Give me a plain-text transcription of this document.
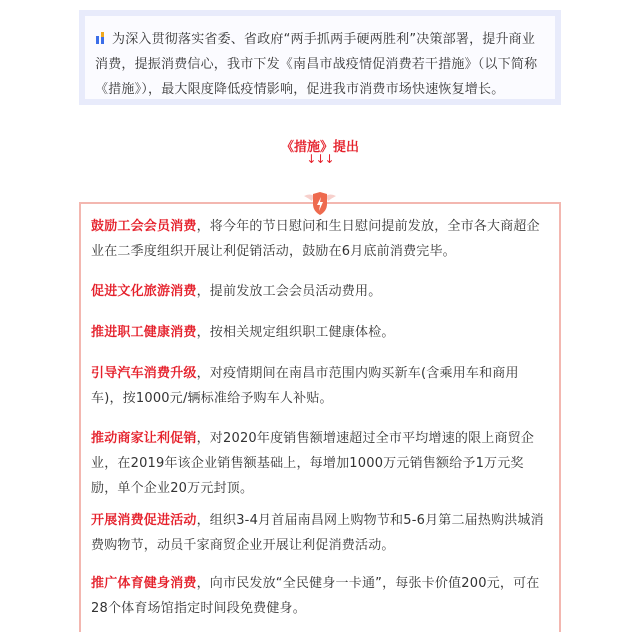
为深入贯彻落实省委、省政府“两手抓两手硬两胜利”决策部署，提升商业消费，提振消费信心，我市下发《南昌市战疫情促消费若干措施》（以下简称《措施》），最大限度降低疫情影响，促进我市消费市场快速恢复增长。
《措施》提出
↓↓↓
鼓励工会会员消费，将今年的节日慰问和生日慰问提前发放，全市各大商超企业在二季度组织开展让利促销活动，鼓励在6月底前消费完毕。
促进文化旅游消费，提前发放工会会员活动费用。
推进职工健康消费，按相关规定组织职工健康体检。
引导汽车消费升级，对疫情期间在南昌市范围内购买新车(含乘用车和商用车)，按1000元/辆标准给予购车人补贴。
推动商家让利促销，对2020年度销售额增速超过全市平均增速的限上商贸企业，在2019年该企业销售额基础上，每增加1000万元销售额给予1万元奖励，单个企业20万元封顶。
开展消费促进活动，组织3-4月首届南昌网上购物节和5-6月第二届热购洪城消费购物节，动员千家商贸企业开展让利促消费活动。
推广体育健身消费，向市民发放“全民健身一卡通”，每张卡价值200元，可在28个体育场馆指定时间段免费健身。
